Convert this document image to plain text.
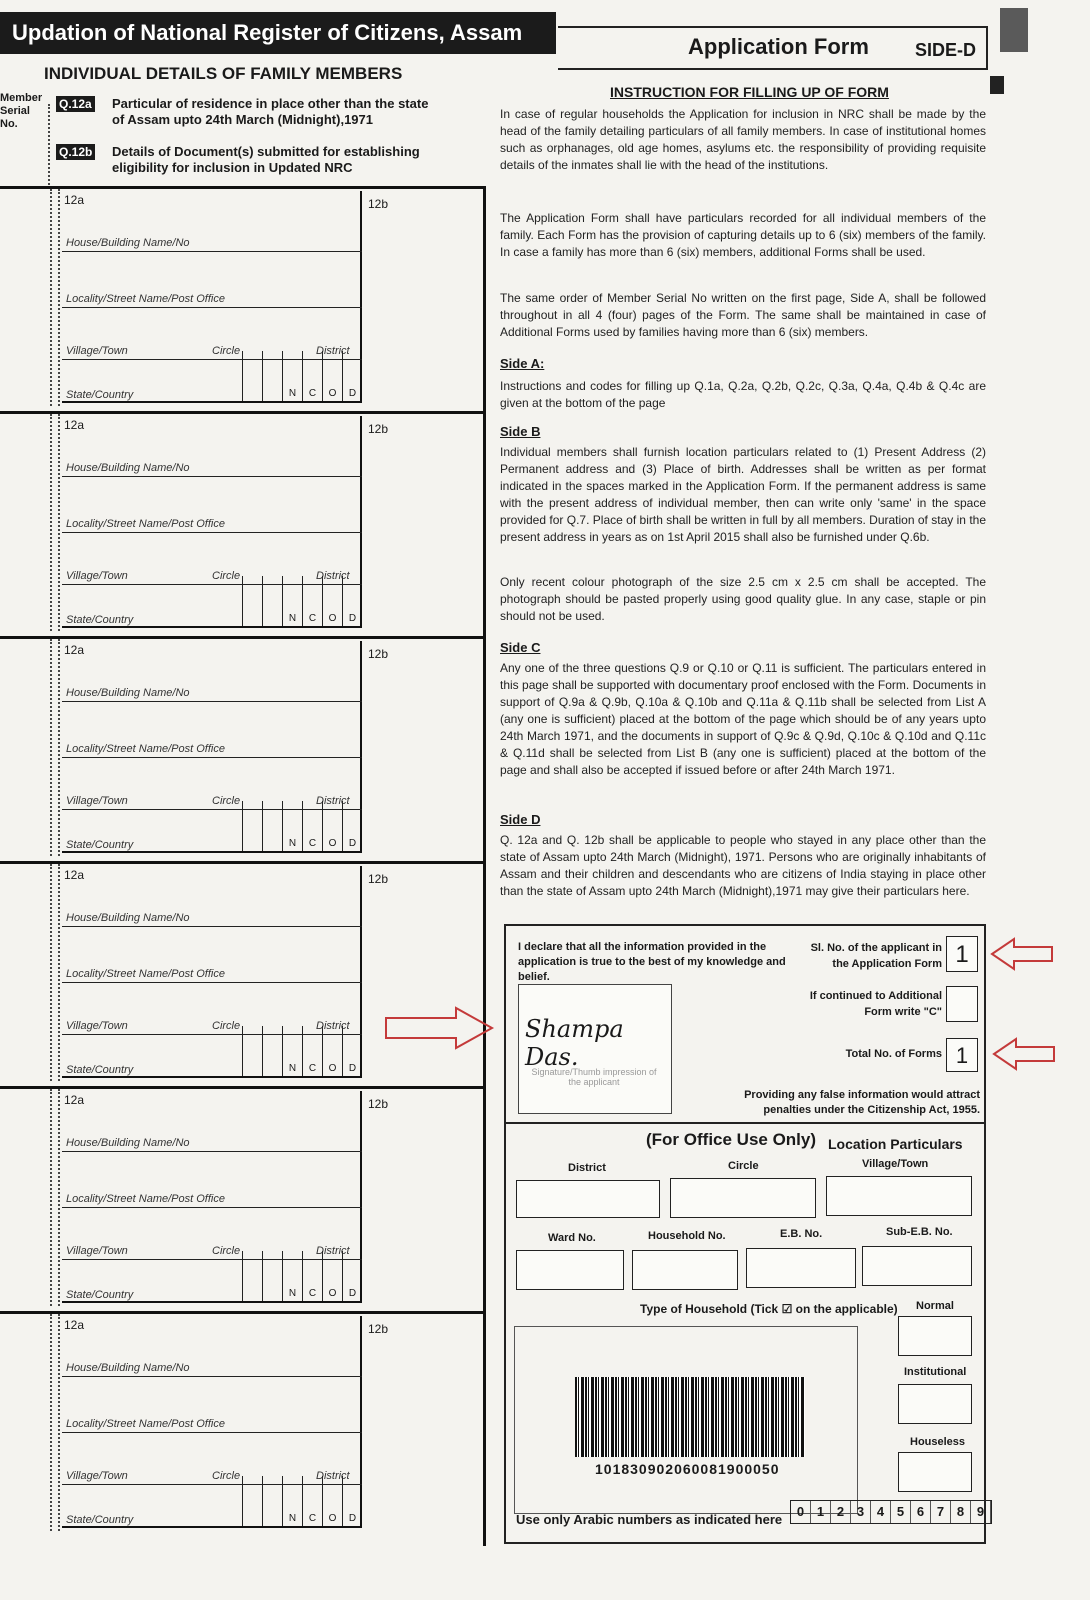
Updation of National Register of Citizens, Assam
Application Form	SIDE-D
INDIVIDUAL DETAILS OF FAMILY MEMBERS
Member Serial No.
Q.12a Particular of residence in place other than the state of Assam upto 24th March (Midnight),1971
Q.12b Details of Document(s) submitted for establishing eligibility for inclusion in Updated NRC
House/Building Name/No
Locality/Street Name/Post Office
Village/Town	Circle	District
State/Country	N	C	O	D
12a	12b
House/Building Name/No
Locality/Street Name/Post Office
Village/Town	Circle	District
State/Country	N	C	O	D
12a	12b
House/Building Name/No
Locality/Street Name/Post Office
Village/Town	Circle	District
State/Country	N	C	O	D
12a	12b
House/Building Name/No
Locality/Street Name/Post Office
Village/Town	Circle	District
State/Country	N	C	O	D
12a	12b
House/Building Name/No
Locality/Street Name/Post Office
Village/Town	Circle	District
State/Country	N	C	O	D
12a	12b
House/Building Name/No
Locality/Street Name/Post Office
Village/Town	Circle	District
State/Country	N	C	O	D
12a	12b
INSTRUCTION FOR FILLING UP OF FORM
In case of regular households the Application for inclusion in NRC shall be made by the head of the family detailing particulars of all family members. In case of institutional homes such as orphanages, old age homes, asylums etc. the responsibility of providing requisite details of the inmates shall lie with the head of the institutions.
The Application Form shall have particulars recorded for all individual members of the family. Each Form has the provision of capturing details up to 6 (six) members of the family. In case a family has more than 6 (six) members, additional Forms shall be used.
The same order of Member Serial No written on the first page, Side A, shall be followed throughout in all 4 (four) pages of the Form. The same shall be maintained in case of Additional Forms used by families having more than 6 (six) members.
Side A:
Instructions and codes for filling up Q.1a, Q.2a, Q.2b, Q.2c, Q.3a, Q.4a, Q.4b & Q.4c are given at the bottom of the page
Side B
Individual members shall furnish location particulars related to (1) Present Address (2) Permanent address and (3) Place of birth. Addresses shall be written as per format indicated in the spaces marked in the Application Form. If the permanent address is same with the present address of individual member, then can write only 'same' in the space provided for Q.7. Place of birth shall be written in full by all members. Duration of stay in the present address in years as on 1st April 2015 shall also be furnished under Q.6b.
Only recent colour photograph of the size 2.5 cm x 2.5 cm shall be accepted. The photograph should be pasted properly using good quality glue. In any case, staple or pin should not be used.
Side C
Any one of the three questions Q.9 or Q.10 or Q.11 is sufficient. The particulars entered in this page shall be supported with documentary proof enclosed with the Form. Documents in support of Q.9a & Q.9b, Q.10a & Q.10b and Q.11a & Q.11b shall be selected from List A (any one is sufficient) placed at the bottom of the page which should be of any years upto 24th March 1971, and the documents in support of Q.9c & Q.9d, Q.10c & Q.10d and Q.11c & Q.11d shall be selected from List B (any one is sufficient) placed at the bottom of the page and shall also be accepted if issued before or after 24th March 1971.
Side D
Q. 12a and Q. 12b shall be applicable to people who stayed in any place other than the state of Assam upto 24th March (Midnight), 1971. Persons who are originally inhabitants of Assam and their children and descendants who are citizens of India staying in place other than the state of Assam upto 24th March (Midnight),1971 may give their particulars here.
I declare that all the information provided in the application is true to the best of my knowledge and belief.
Shampa Das.
Signature/Thumb impression of the applicant
Sl. No. of the applicant in the Application Form 1
If continued to Additional Form write "C"
Total No. of Forms 1
Providing any false information would attract penalties under the Citizenship Act, 1955.
(For Office Use Only) Location Particulars
District	Circle	Village/Town
Ward No.	Household No.	E.B. No.	Sub-E.B. No.
Type of Household (Tick ☑ on the applicable) Normal
Institutional
Houseless
Use only Arabic numbers as indicated here
10183090206008190005​0
0 1 2 3 4 5 6 7 8 9
